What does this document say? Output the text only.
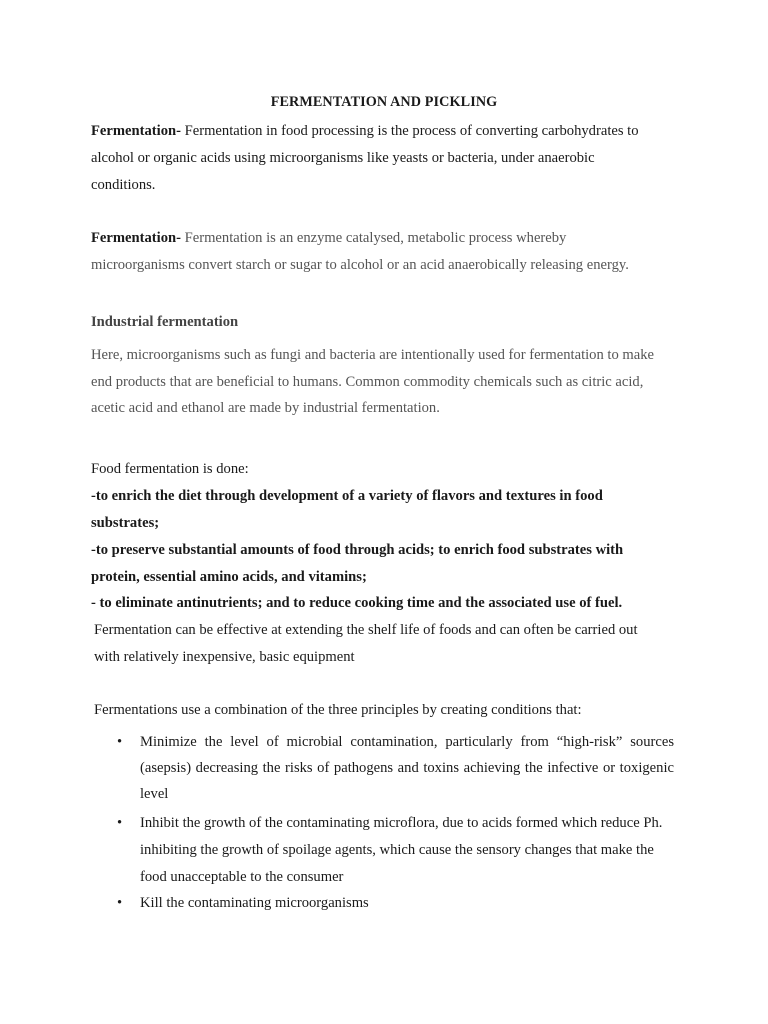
FERMENTATION AND PICKLING
Fermentation- Fermentation in food processing is the process of converting carbohydrates to
alcohol or organic acids using microorganisms like yeasts or bacteria, under anaerobic
conditions.
Fermentation- Fermentation is an enzyme catalysed, metabolic process whereby
microorganisms convert starch or sugar to alcohol or an acid anaerobically releasing energy.
Industrial fermentation
Here, microorganisms such as fungi and bacteria are intentionally used for fermentation to make
end products that are beneficial to humans. Common commodity chemicals such as citric acid,
acetic acid and ethanol are made by industrial fermentation.
Food fermentation is done:
-to enrich the diet through development of a variety of flavors and textures in food
substrates;
-to preserve substantial amounts of food through acids; to enrich food substrates with
protein, essential amino acids, and vitamins;
- to eliminate antinutrients; and to reduce cooking time and the associated use of fuel.
Fermentation can be effective at extending the shelf life of foods and can often be carried out
with relatively inexpensive, basic equipment
Fermentations use a combination of the three principles by creating conditions that:
• Minimize the level of microbial contamination, particularly from “high-risk” sources
(asepsis) decreasing the risks of pathogens and toxins achieving the infective or toxigenic
level
• Inhibit the growth of the contaminating microflora, due to acids formed which reduce Ph.
inhibiting the growth of spoilage agents, which cause the sensory changes that make the
food unacceptable to the consumer
• Kill the contaminating microorganisms
